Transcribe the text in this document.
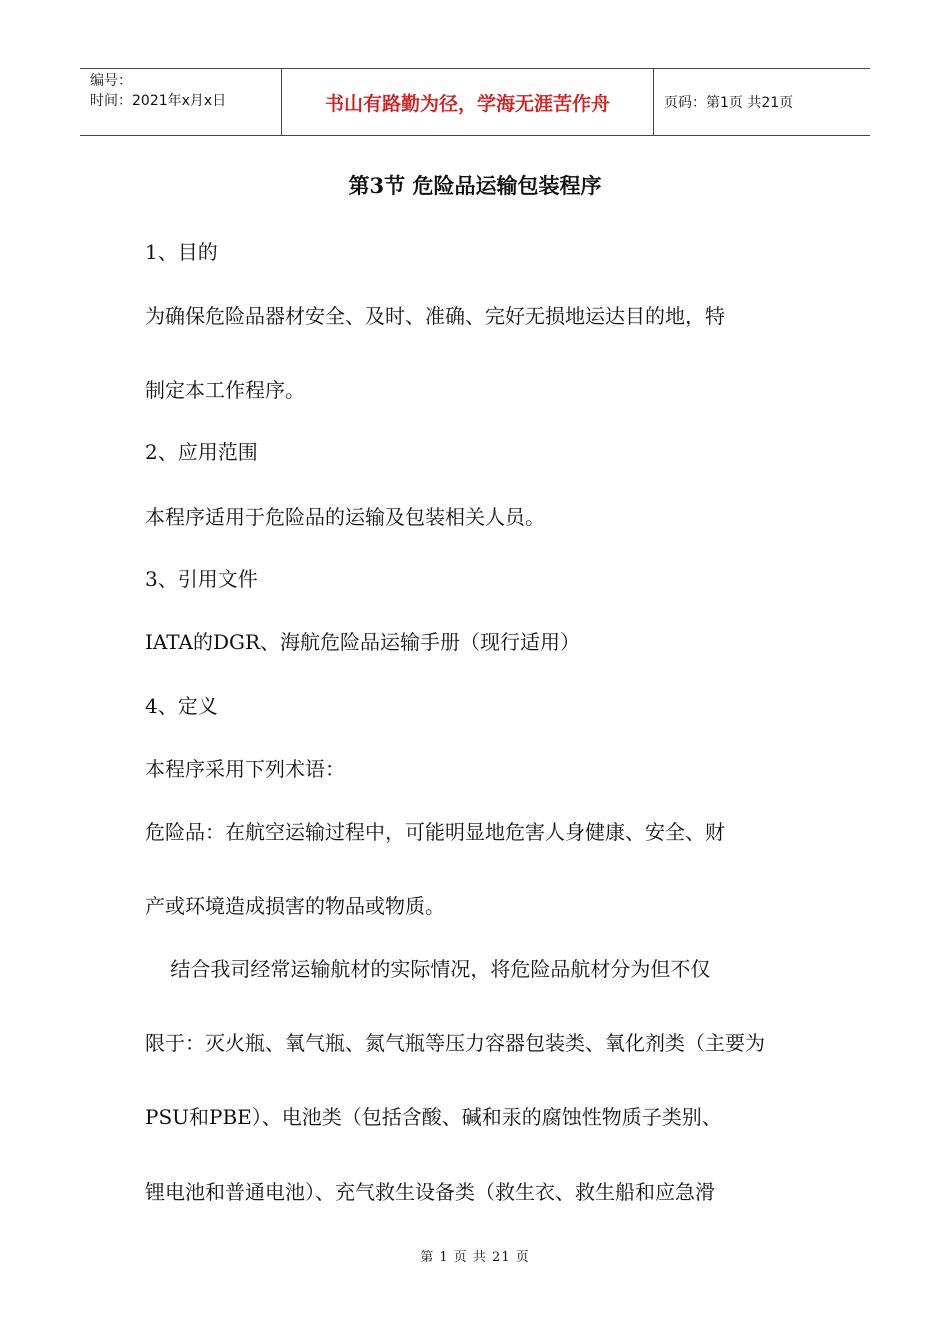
编号：
时间：2021年x月x日	书山有路勤为径，学海无涯苦作舟	页码：第1页 共21页
第3节 危险品运输包装程序
1、目的
为确保危险品器材安全、及时、准确、完好无损地运达目的地，特
制定本工作程序。
2、应用范围
本程序适用于危险品的运输及包装相关人员。
3、引用文件
IATA的DGR、海航危险品运输手册（现行适用）
4、定义
本程序采用下列术语：
危险品：在航空运输过程中，可能明显地危害人身健康、安全、财
产或环境造成损害的物品或物质。
结合我司经常运输航材的实际情况，将危险品航材分为但不仅
限于：灭火瓶、氧气瓶、氮气瓶等压力容器包装类、氧化剂类（主要为
PSU和PBE）、电池类（包括含酸、碱和汞的腐蚀性物质子类别、
锂电池和普通电池）、充气救生设备类（救生衣、救生船和应急滑
第 1 页 共 21 页
